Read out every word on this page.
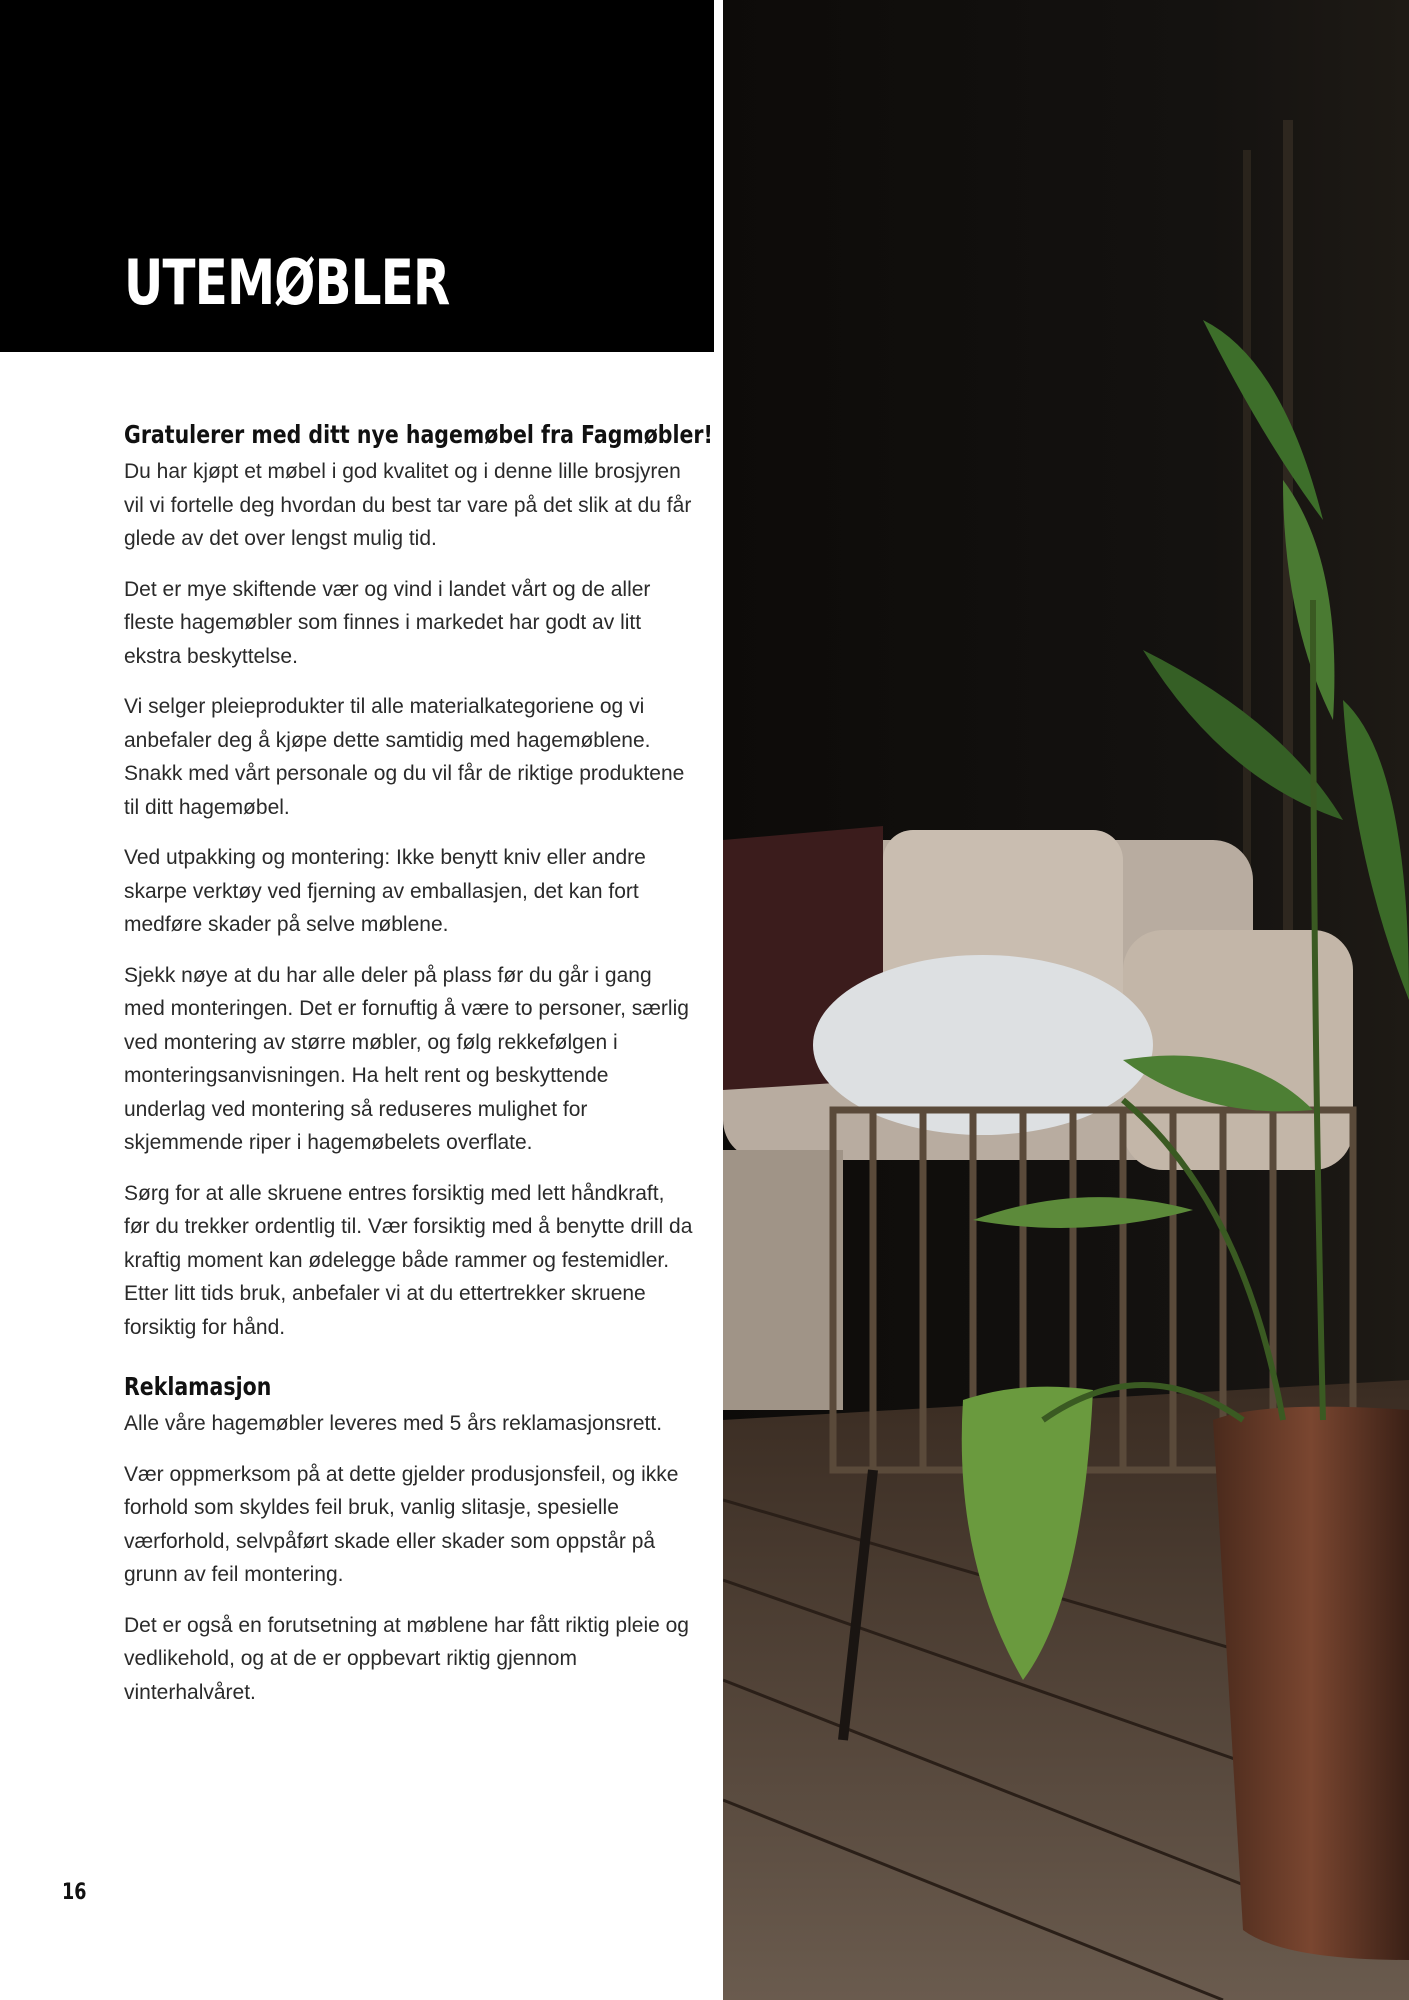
UTEMØBLER
Gratulerer med ditt nye hagemøbel fra Fagmøbler!

Du har kjøpt et møbel i god kvalitet og i denne lille brosjyren vil vi fortelle deg hvordan du best tar vare på det slik at du får glede av det over lengst mulig tid.

Det er mye skiftende vær og vind i landet vårt og de aller fleste hagemøbler som finnes i markedet har godt av litt ekstra beskyttelse.

Vi selger pleieprodukter til alle materialkategoriene og vi anbefaler deg å kjøpe dette samtidig med hagemøblene. Snakk med vårt personale og du vil får de riktige produktene til ditt hagemøbel.

Ved utpakking og montering: Ikke benytt kniv eller andre skarpe verktøy ved fjerning av emballasjen, det kan fort medføre skader på selve møblene.

Sjekk nøye at du har alle deler på plass før du går i gang med monteringen. Det er fornuftig å være to personer, særlig ved montering av større møbler, og følg rekkefølgen i monteringsanvisningen. Ha helt rent og beskyttende underlag ved montering så reduseres mulighet for skjemmende riper i hagemøbelets overflate.

Sørg for at alle skruene entres forsiktig med lett håndkraft, før du trekker ordentlig til. Vær forsiktig med å benytte drill da kraftig moment kan ødelegge både rammer og festemidler. Etter litt tids bruk, anbefaler vi at du ettertrekker skruene forsiktig for hånd.

Reklamasjon

Alle våre hagemøbler leveres med 5 års reklamasjonsrett.

Vær oppmerksom på at dette gjelder produsjonsfeil, og ikke forhold som skyldes feil bruk, vanlig slitasje, spesielle værforhold, selvpåført skade eller skader som oppstår på grunn av feil montering.

Det er også en forutsetning at møblene har fått riktig pleie og vedlikehold, og at de er oppbevart riktig gjennom vinterhalvåret.

16
